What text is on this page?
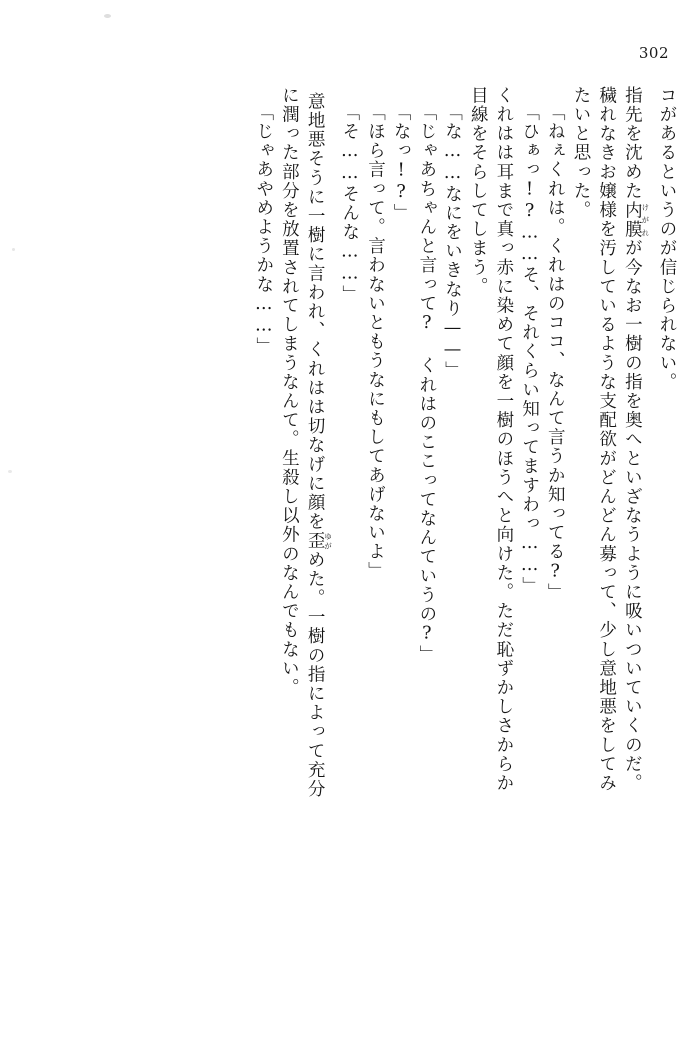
302
コがあるというのが信じられない。
指先を沈めた内膜けがれが今なお一樹の指を奥へといざなうように吸いついていくのだ。
穢れなきお嬢様を汚しているような支配欲がどんどん募って、少し意地悪をしてみ
たいと思った。
「ねぇくれは。くれはのココ、なんて言うか知ってる?」
「ひぁっ!?……そ、それくらい知ってますわっ……」
くれはは耳まで真っ赤に染めて顔を一樹のほうへと向けた。ただ恥ずかしさからか
目線をそらしてしまう。
「な……なにをいきなり——」
「じゃあちゃんと言って? くれはのここってなんていうの?」
「なっ!?」
「ほら言って。言わないともうなにもしてあげないよ」
「そ……そんな……」
意地悪そうに一樹に言われ、くれはは切なげに顔を歪ゆがめた。一樹の指によって充分
に潤った部分を放置されてしまうなんて。生殺し以外のなんでもない。
「じゃあやめようかな……」
